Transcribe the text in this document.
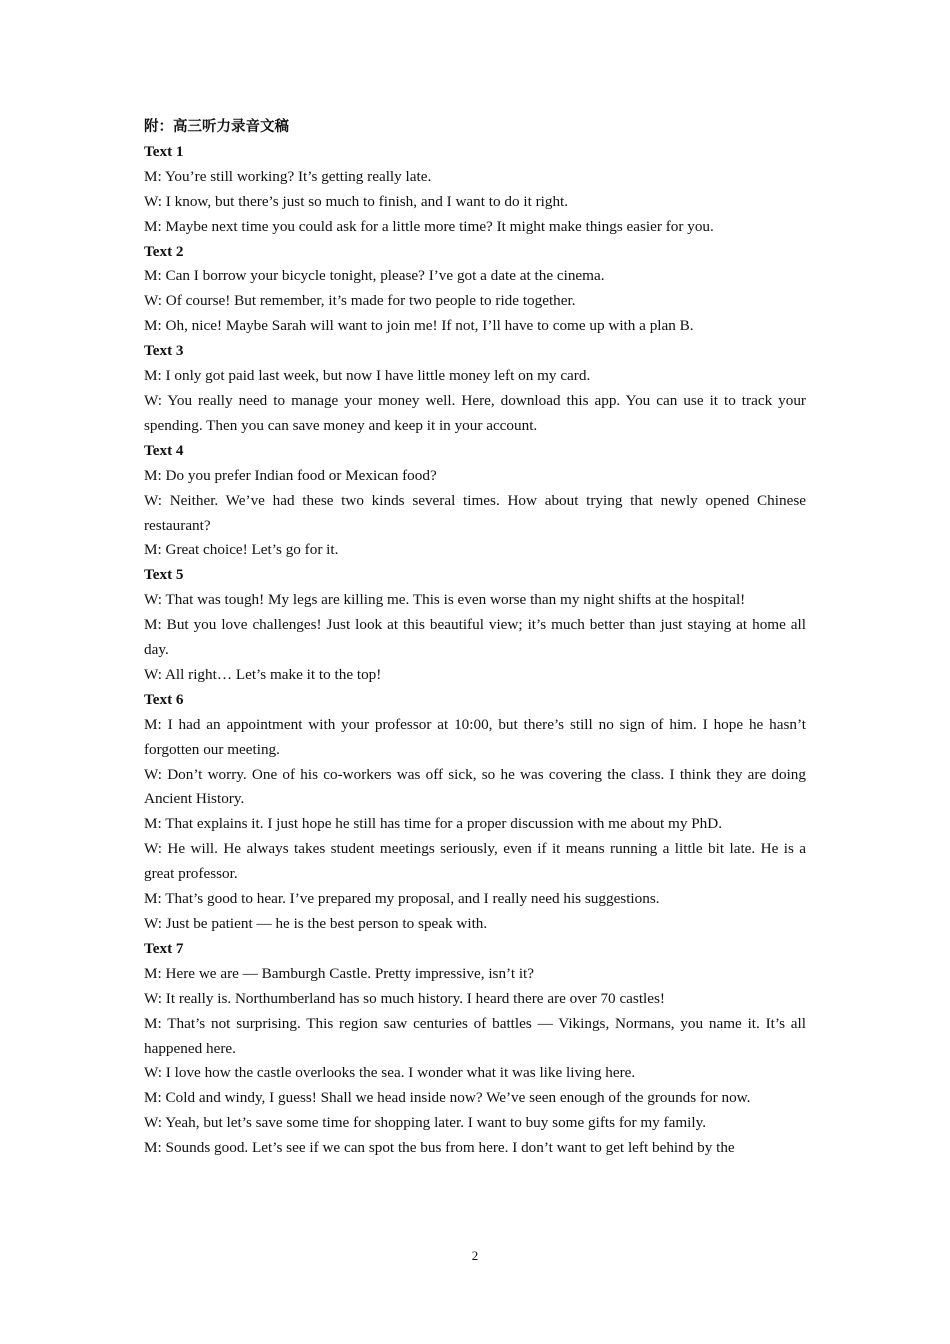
附：高三听力录音文稿
Text 1

M: You’re still working? It’s getting really late.

W: I know, but there’s just so much to finish, and I want to do it right.

M: Maybe next time you could ask for a little more time? It might make things easier for you.

Text 2

M: Can I borrow your bicycle tonight, please? I’ve got a date at the cinema.

W: Of course! But remember, it’s made for two people to ride together.

M: Oh, nice! Maybe Sarah will want to join me! If not, I’ll have to come up with a plan B.

Text 3

M: I only got paid last week, but now I have little money left on my card.

W: You really need to manage your money well. Here, download this app. You can use it to track your spending. Then you can save money and keep it in your account.

Text 4

M: Do you prefer Indian food or Mexican food?

W: Neither. We’ve had these two kinds several times. How about trying that newly opened Chinese restaurant?

M: Great choice! Let’s go for it.

Text 5

W: That was tough! My legs are killing me. This is even worse than my night shifts at the hospital!

M: But you love challenges! Just look at this beautiful view; it’s much better than just staying at home all day.

W: All right… Let’s make it to the top!

Text 6

M: I had an appointment with your professor at 10:00, but there’s still no sign of him. I hope he hasn’t forgotten our meeting.

W: Don’t worry. One of his co-workers was off sick, so he was covering the class. I think they are doing Ancient History.

M: That explains it. I just hope he still has time for a proper discussion with me about my PhD.

W: He will. He always takes student meetings seriously, even if it means running a little bit late. He is a great professor.

M: That’s good to hear. I’ve prepared my proposal, and I really need his suggestions.

W: Just be patient — he is the best person to speak with.

Text 7

M: Here we are — Bamburgh Castle. Pretty impressive, isn’t it?

W: It really is. Northumberland has so much history. I heard there are over 70 castles!

M: That’s not surprising. This region saw centuries of battles — Vikings, Normans, you name it. It’s all happened here.

W: I love how the castle overlooks the sea. I wonder what it was like living here.

M: Cold and windy, I guess! Shall we head inside now? We’ve seen enough of the grounds for now.

W: Yeah, but let’s save some time for shopping later. I want to buy some gifts for my family.

M: Sounds good. Let’s see if we can spot the bus from here. I don’t want to get left behind by the

2
